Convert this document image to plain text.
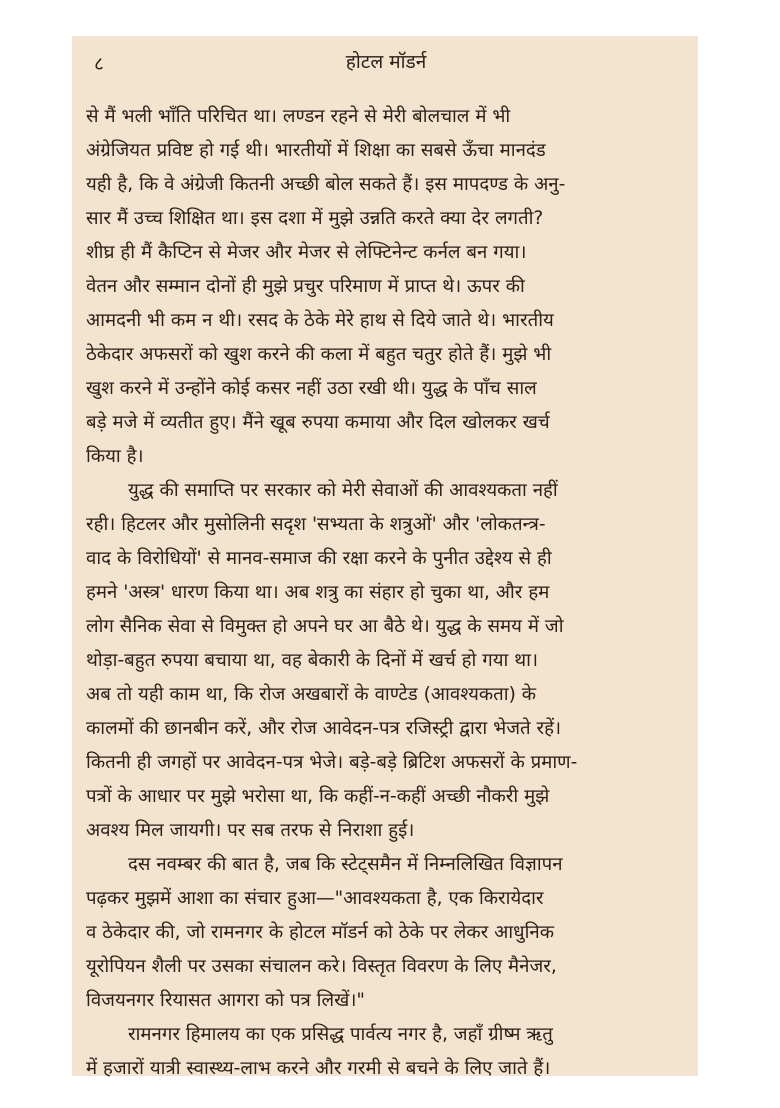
८	होटल मॉडर्न
से मैं भली भाँति परिचित था। लण्डन रहने से मेरी बोलचाल में भी
अंग्रेजियत प्रविष्ट हो गई थी। भारतीयों में शिक्षा का सबसे ऊँचा मानदंड
यही है, कि वे अंग्रेजी कितनी अच्छी बोल सकते हैं। इस मापदण्ड के अनु-
सार मैं उच्च शिक्षित था। इस दशा में मुझे उन्नति करते क्या देर लगती?
शीघ्र ही मैं कैप्टिन से मेजर और मेजर से लेफ्टिनेन्ट कर्नल बन गया।
वेतन और सम्मान दोनों ही मुझे प्रचुर परिमाण में प्राप्त थे। ऊपर की
आमदनी भी कम न थी। रसद के ठेके मेरे हाथ से दिये जाते थे। भारतीय
ठेकेदार अफसरों को खुश करने की कला में बहुत चतुर होते हैं। मुझे भी
खुश करने में उन्होंने कोई कसर नहीं उठा रखी थी। युद्ध के पाँच साल
बड़े मजे में व्यतीत हुए। मैंने खूब रुपया कमाया और दिल खोलकर खर्च
किया है।
युद्ध की समाप्ति पर सरकार को मेरी सेवाओं की आवश्यकता नहीं
रही। हिटलर और मुसोलिनी सदृश 'सभ्यता के शत्रुओं' और 'लोकतन्त्र-
वाद के विरोधियों' से मानव-समाज की रक्षा करने के पुनीत उद्देश्य से ही
हमने 'अस्त्र' धारण किया था। अब शत्रु का संहार हो चुका था, और हम
लोग सैनिक सेवा से विमुक्त हो अपने घर आ बैठे थे। युद्ध के समय में जो
थोड़ा-बहुत रुपया बचाया था, वह बेकारी के दिनों में खर्च हो गया था।
अब तो यही काम था, कि रोज अखबारों के वाण्टेड (आवश्यकता) के
कालमों की छानबीन करें, और रोज आवेदन-पत्र रजिस्ट्री द्वारा भेजते रहें।
कितनी ही जगहों पर आवेदन-पत्र भेजे। बड़े-बड़े ब्रिटिश अफसरों के प्रमाण-
पत्रों के आधार पर मुझे भरोसा था, कि कहीं-न-कहीं अच्छी नौकरी मुझे
अवश्य मिल जायगी। पर सब तरफ से निराशा हुई।
दस नवम्बर की बात है, जब कि स्टेट्समैन में निम्नलिखित विज्ञापन
पढ़कर मुझमें आशा का संचार हुआ—"आवश्यकता है, एक किरायेदार
व ठेकेदार की, जो रामनगर के होटल मॉडर्न को ठेके पर लेकर आधुनिक
यूरोपियन शैली पर उसका संचालन करे। विस्तृत विवरण के लिए मैनेजर,
विजयनगर रियासत आगरा को पत्र लिखें।"
रामनगर हिमालय का एक प्रसिद्ध पार्वत्य नगर है, जहाँ ग्रीष्म ऋतु
में हजारों यात्री स्वास्थ्य-लाभ करने और गरमी से बचने के लिए जाते हैं।
